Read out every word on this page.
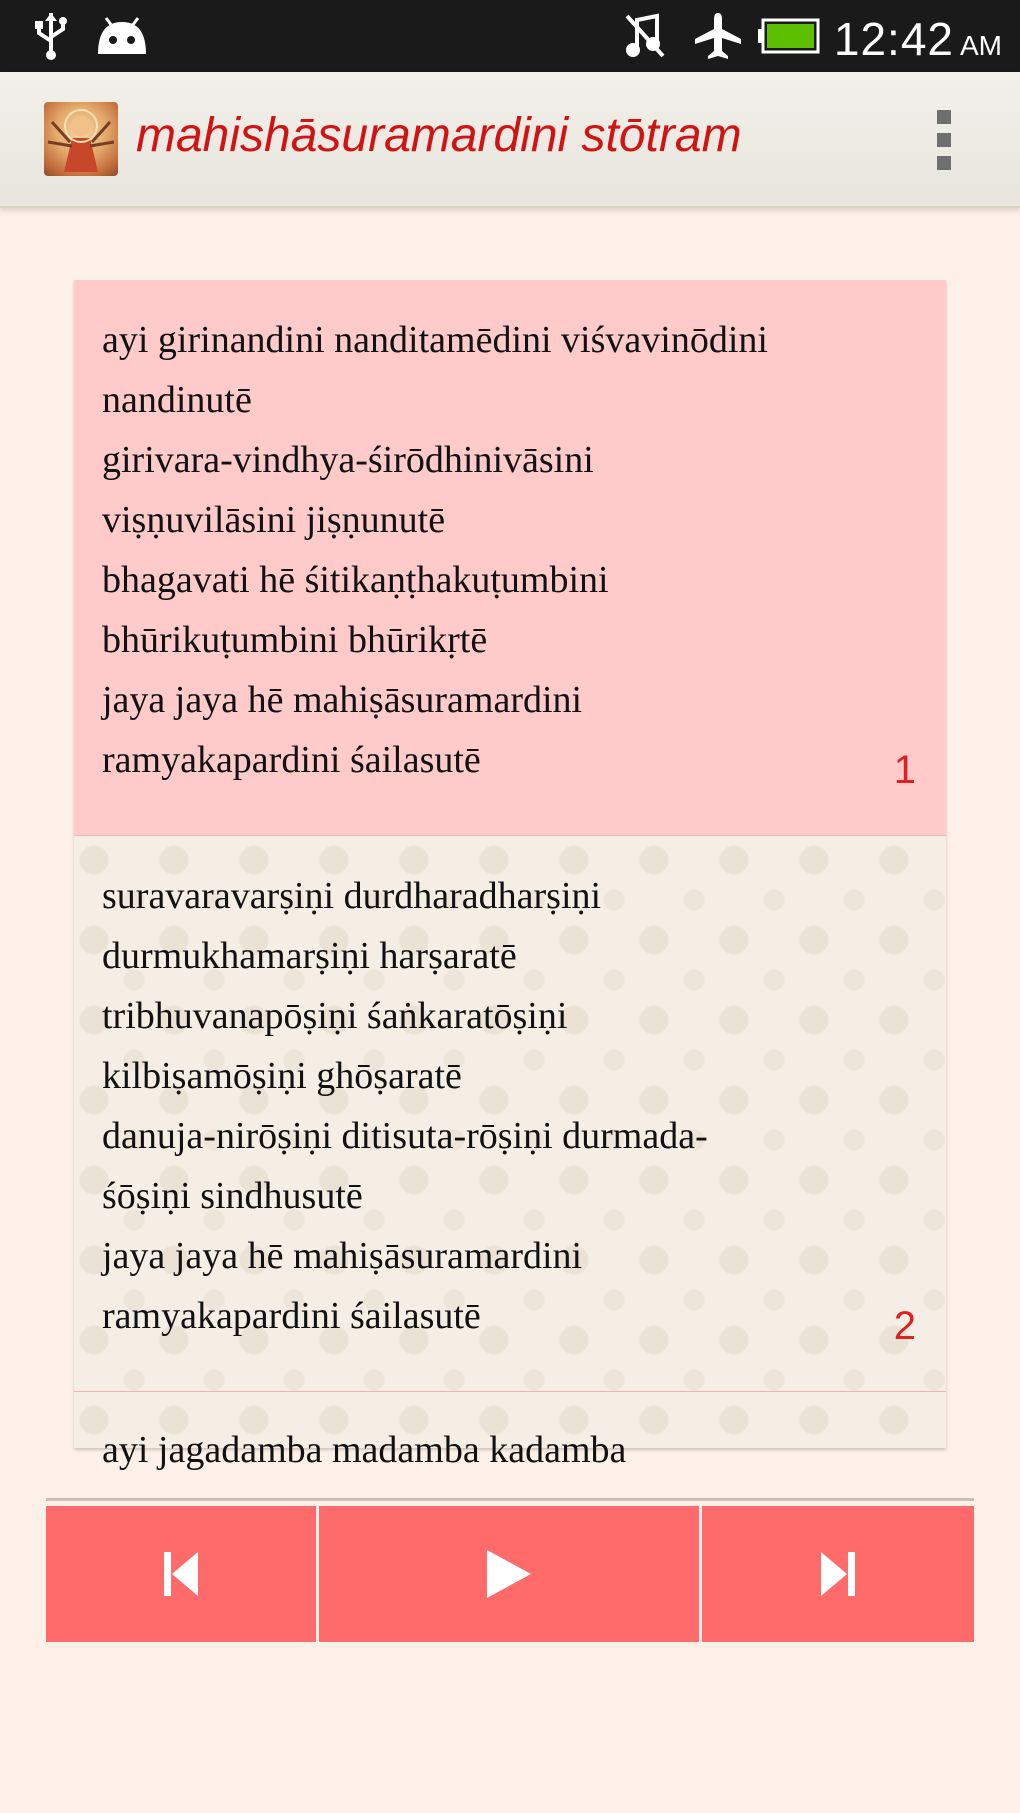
12:42 AM
mahishāsuramardini stōtram
ayi girinandini nanditamēdini viśvavinōdini
nandinutē
girivara-vindhya-śirōdhinivāsini
viṣṇuvilāsini jiṣṇunutē
bhagavati hē śitikaṇṭhakuṭumbini
bhūrikuṭumbini bhūrikṛtē
jaya jaya hē mahiṣāsuramardini
ramyakapardini śailasutē	1
suravaravarṣiṇi durdharadharṣiṇi
durmukhamarṣiṇi harṣaratē
tribhuvanapōṣiṇi śaṅkaratōṣiṇi
kilbiṣamōṣiṇi ghōṣaratē
danuja-nirōṣiṇi ditisuta-rōṣiṇi durmada-
śōṣiṇi sindhusutē
jaya jaya hē mahiṣāsuramardini
ramyakapardini śailasutē	2
ayi jagadamba madamba kadamba
